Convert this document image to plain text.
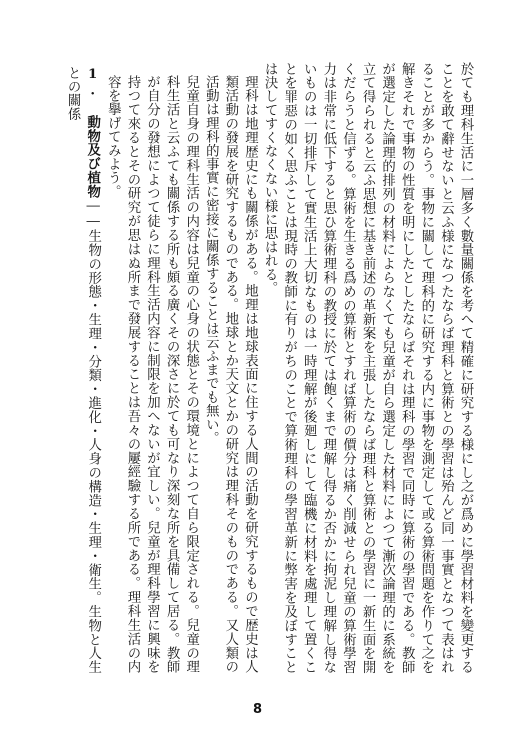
於ても理科生活に一層多く數量關係を考へて精確に研究する様にし之が爲めに學習材料を變更することを敢て辭せないと云ふ様になつたならば理科と算術との學習は殆んど同一事實となつて表はれることが多からう。事物に關して理科的に研究する内に事物を測定して或る算術問題を作りて之を解きそれで事物の性質を明にしたとしたならばそれは理科の學習で同時に算術の學習である。教師が選定した論理的排列の材料によらなくても兒童が自ら選定した材料によつて漸次論理的に系統を立て得られると云ふ思想に基き前述の革新案を主張したならば理科と算術との學習に一新生面を開くだらうと信ずる。算術を生きる爲めの算術とすれば算術の價分は痛く削減せられ兒童の算術學習力は非常に低下すると思ひ算術理科の教授に於ては飽くまで理解し得るか否かに拘泥し理解し得ないものは一切排斥して實生活上大切なものは一時理解が後廻しにして臨機に材料を處理して置くことを罪惡の如く思ふことは現時の教師に有りがちのことで算術理科の學習革新に弊害を及ぼすことは決してすくなくない様に思はれる。

理科は地理歴史にも關係がある。地理は地球表面に住する人間の活動を研究するもので歴史は人類活動の發展を研究するものである。地球とか天文とかの研究は理科そのものである。又人類の活動は理科的事實に密接に關係することは云ふまでも無い。

兒童自身の理科生活の内容は兒童の心身の状態とその環境とによつて自ら限定される。兒童の理科生活と云ふても關係する所も頗る廣くその深さに於ても可なり深刻な所を具備して居る。教師が自分の發想によつて徒らに理科生活内容に制限を加へないが宜しい。兒童が理科學習に興味を持つて來るとその研究が思はぬ所まで發展することは吾々の屢經驗する所である。理科生活の内容を擧げてみよう。

1. 動物及び植物――生物の形態・生理・分類・進化・人身の構造・生理・衛生。生物と人生との關係

8
